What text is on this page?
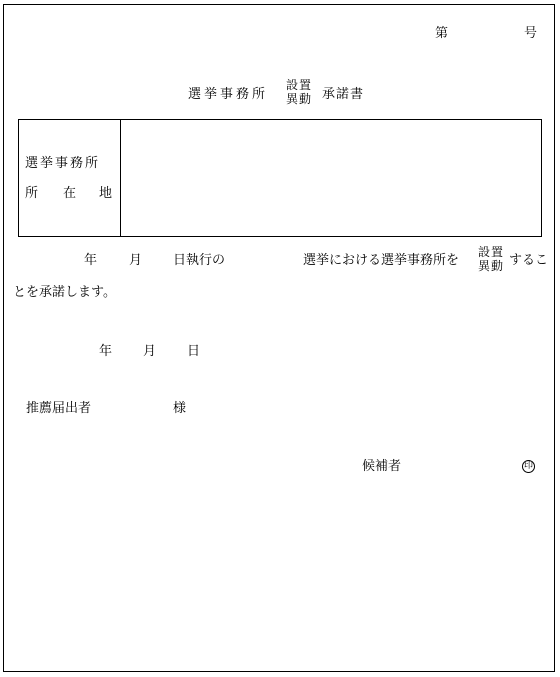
第	号
選挙事務所
設置
異動 承諾書
選挙事務所
所 在 地
年 月 日執行の	選挙における選挙事務所を
設置
異動 するこ
とを承諾します。
年 月 日
推薦届出者	様
候補者	印
